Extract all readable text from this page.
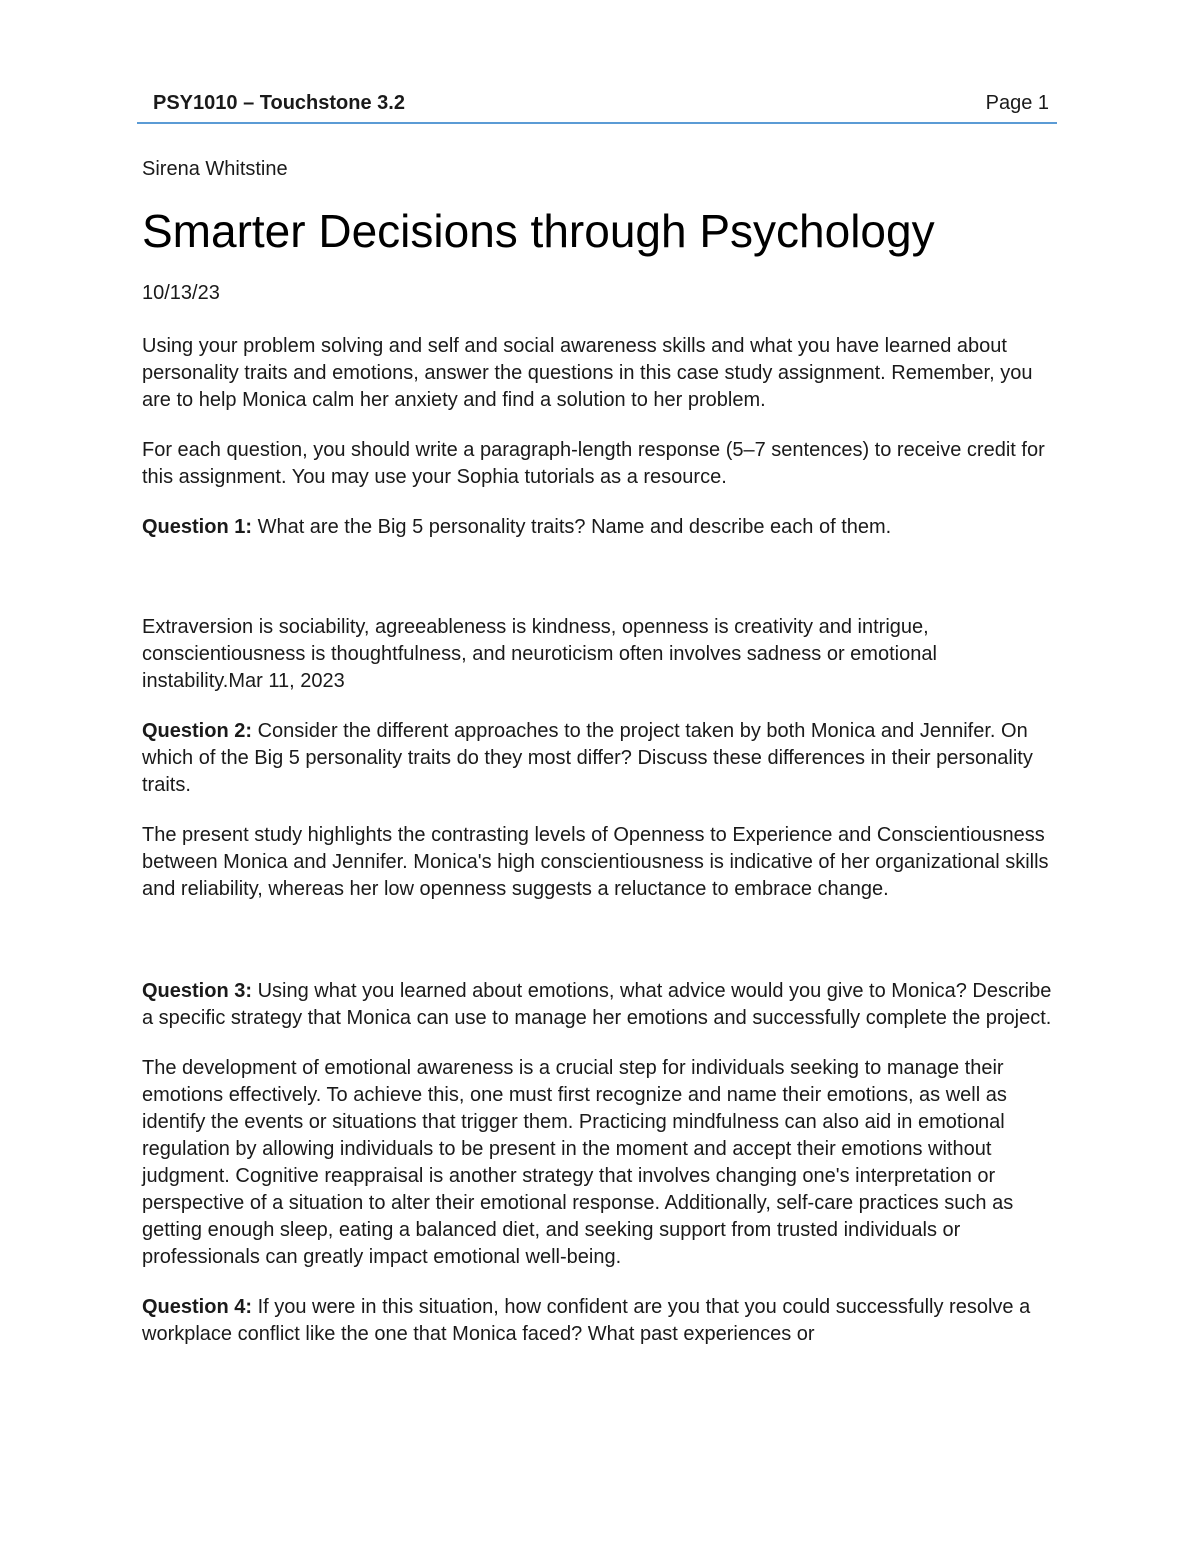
PSY1010 – Touchstone 3.2	Page 1

Sirena Whitstine

Smarter Decisions through Psychology

10/13/23

Using your problem solving and self and social awareness skills and what you have learned about personality traits and emotions, answer the questions in this case study assignment. Remember, you are to help Monica calm her anxiety and find a solution to her problem.

For each question, you should write a paragraph-length response (5–7 sentences) to receive credit for this assignment. You may use your Sophia tutorials as a resource.

Question 1: What are the Big 5 personality traits? Name and describe each of them.

Extraversion is sociability, agreeableness is kindness, openness is creativity and intrigue, conscientiousness is thoughtfulness, and neuroticism often involves sadness or emotional instability.Mar 11, 2023

Question 2: Consider the different approaches to the project taken by both Monica and Jennifer. On which of the Big 5 personality traits do they most differ? Discuss these differences in their personality traits.

The present study highlights the contrasting levels of Openness to Experience and Conscientiousness between Monica and Jennifer. Monica's high conscientiousness is indicative of her organizational skills and reliability, whereas her low openness suggests a reluctance to embrace change.

Question 3: Using what you learned about emotions, what advice would you give to Monica? Describe a specific strategy that Monica can use to manage her emotions and successfully complete the project.

The development of emotional awareness is a crucial step for individuals seeking to manage their emotions effectively. To achieve this, one must first recognize and name their emotions, as well as identify the events or situations that trigger them. Practicing mindfulness can also aid in emotional regulation by allowing individuals to be present in the moment and accept their emotions without judgment. Cognitive reappraisal is another strategy that involves changing one's interpretation or perspective of a situation to alter their emotional response. Additionally, self-care practices such as getting enough sleep, eating a balanced diet, and seeking support from trusted individuals or professionals can greatly impact emotional well-being.

Question 4: If you were in this situation, how confident are you that you could successfully resolve a workplace conflict like the one that Monica faced? What past experiences or
